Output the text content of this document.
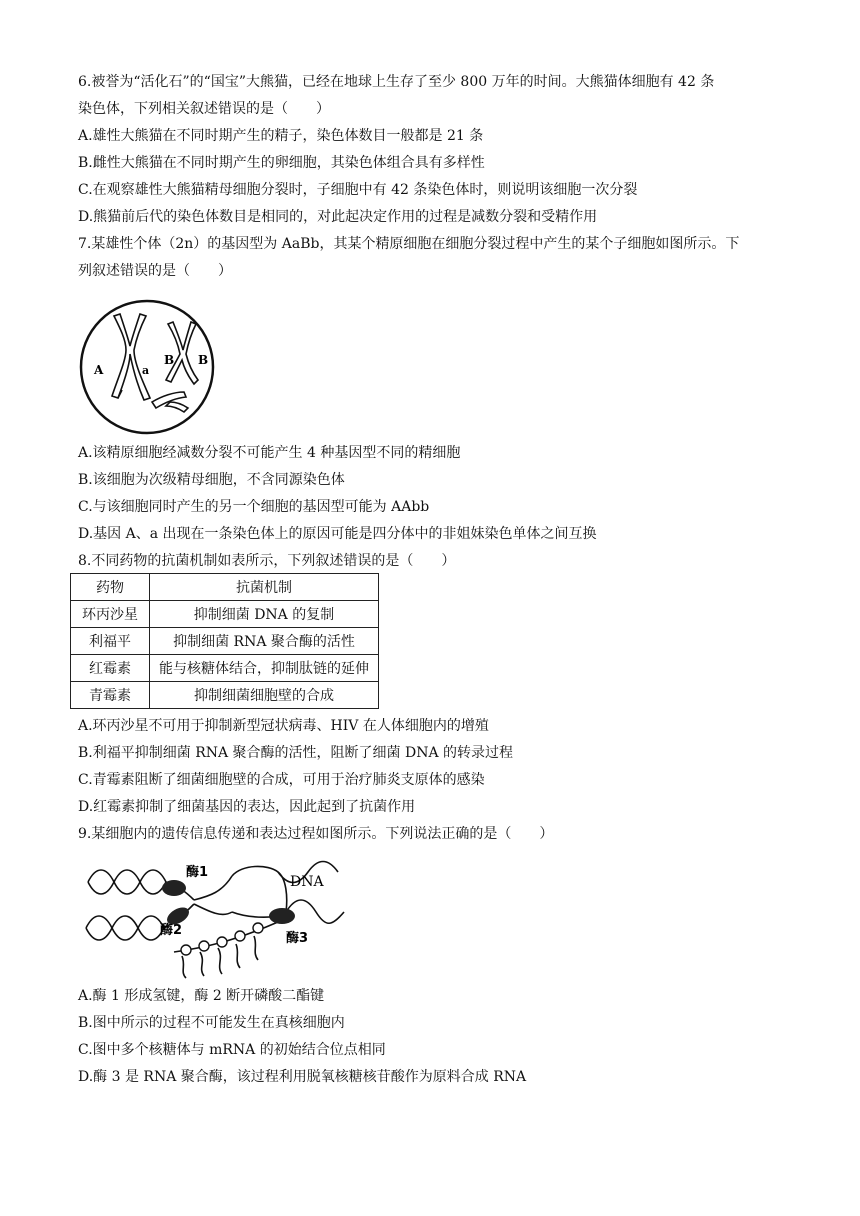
6.被誉为“活化石”的“国宝”大熊猫，已经在地球上生存了至少 800 万年的时间。大熊猫体细胞有 42 条
染色体，下列相关叙述错误的是（　　）
A.雄性大熊猫在不同时期产生的精子，染色体数目一般都是 21 条
B.雌性大熊猫在不同时期产生的卵细胞，其染色体组合具有多样性
C.在观察雄性大熊猫精母细胞分裂时，子细胞中有 42 条染色体时，则说明该细胞一次分裂
D.熊猫前后代的染色体数目是相同的，对此起决定作用的过程是减数分裂和受精作用
7.某雄性个体（2n）的基因型为 AaBb，其某个精原细胞在细胞分裂过程中产生的某个子细胞如图所示。下
列叙述错误的是（　　）
A	a
B B
A.该精原细胞经减数分裂不可能产生 4 种基因型不同的精细胞
B.该细胞为次级精母细胞，不含同源染色体
C.与该细胞同时产生的另一个细胞的基因型可能为 AAbb
D.基因 A、a 出现在一条染色体上的原因可能是四分体中的非姐妹染色单体之间互换
8.不同药物的抗菌机制如表所示，下列叙述错误的是（　　）
药物	抗菌机制
环丙沙星	抑制细菌 DNA 的复制
利福平	抑制细菌 RNA 聚合酶的活性
红霉素	能与核糖体结合，抑制肽链的延伸
青霉素	抑制细菌细胞壁的合成
A.环丙沙星不可用于抑制新型冠状病毒、HIV 在人体细胞内的增殖
B.利福平抑制细菌 RNA 聚合酶的活性，阻断了细菌 DNA 的转录过程
C.青霉素阻断了细菌细胞壁的合成，可用于治疗肺炎支原体的感染
D.红霉素抑制了细菌基因的表达，因此起到了抗菌作用
9.某细胞内的遗传信息传递和表达过程如图所示。下列说法正确的是（　　）
酶1
酶2
酶3
DNA
A.酶 1 形成氢键，酶 2 断开磷酸二酯键
B.图中所示的过程不可能发生在真核细胞内
C.图中多个核糖体与 mRNA 的初始结合位点相同
D.酶 3 是 RNA 聚合酶，该过程利用脱氧核糖核苷酸作为原料合成 RNA
